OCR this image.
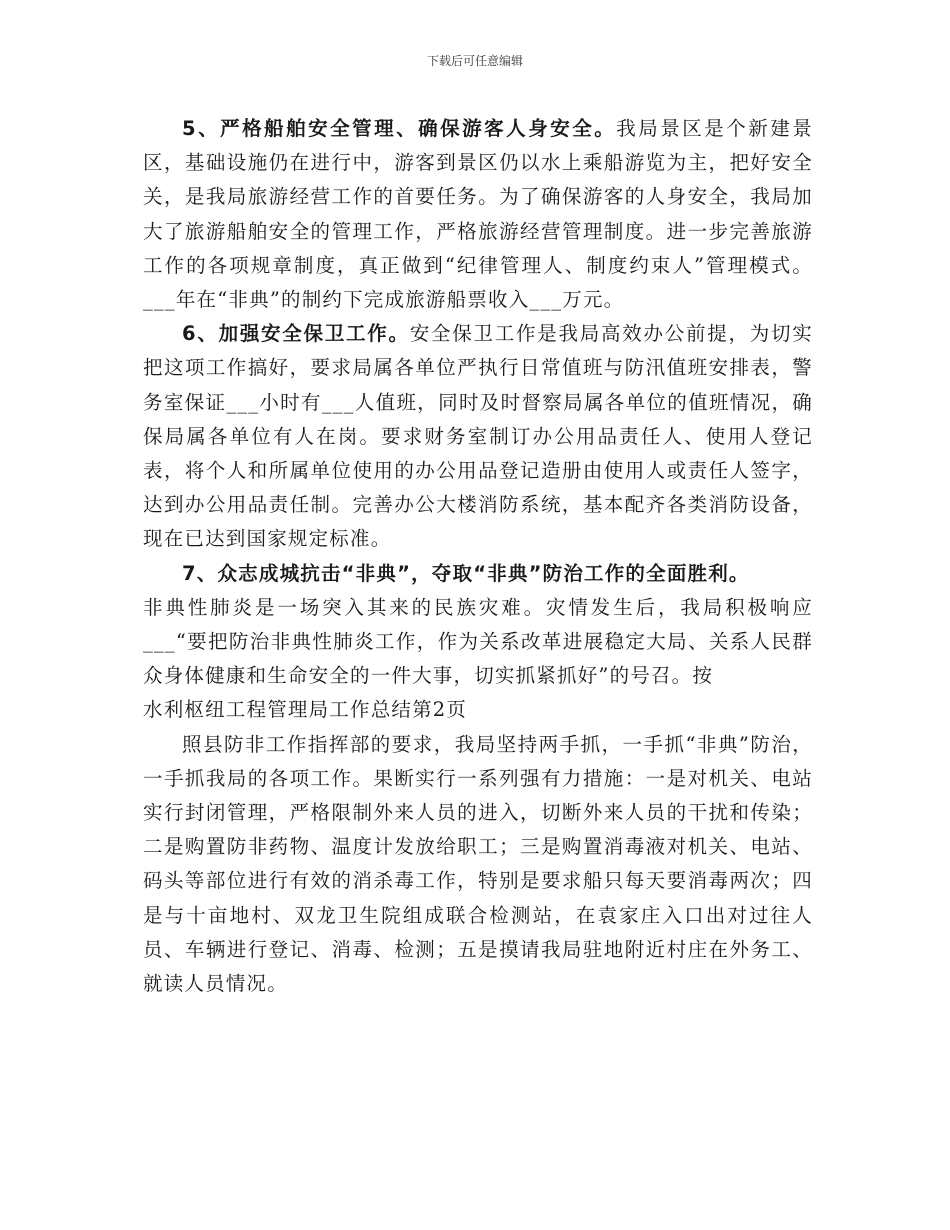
下载后可任意编辑

5、严格船舶安全管理、确保游客人身安全。我局景区是个新建景区，基础设施仍在进行中，游客到景区仍以水上乘船游览为主，把好安全关，是我局旅游经营工作的首要任务。为了确保游客的人身安全，我局加大了旅游船舶安全的管理工作，严格旅游经营管理制度。进一步完善旅游工作的各项规章制度，真正做到“纪律管理人、制度约束人”管理模式。___年在“非典”的制约下完成旅游船票收入___万元。

6、加强安全保卫工作。安全保卫工作是我局高效办公前提，为切实把这项工作搞好，要求局属各单位严执行日常值班与防汛值班安排表，警务室保证___小时有___人值班，同时及时督察局属各单位的值班情况，确保局属各单位有人在岗。要求财务室制订办公用品责任人、使用人登记表，将个人和所属单位使用的办公用品登记造册由使用人或责任人签字，达到办公用品责任制。完善办公大楼消防系统，基本配齐各类消防设备，现在已达到国家规定标准。

7、众志成城抗击“非典”，夺取“非典”防治工作的全面胜利。
非典性肺炎是一场突入其来的民族灾难。灾情发生后，我局积极响应___“要把防治非典性肺炎工作，作为关系改革进展稳定大局、关系人民群众身体健康和生命安全的一件大事，切实抓紧抓好”的号召。按

水利枢纽工程管理局工作总结第2页

照县防非工作指挥部的要求，我局坚持两手抓，一手抓“非典”防治，一手抓我局的各项工作。果断实行一系列强有力措施：一是对机关、电站实行封闭管理，严格限制外来人员的进入，切断外来人员的干扰和传染；二是购置防非药物、温度计发放给职工；三是购置消毒液对机关、电站、码头等部位进行有效的消杀毒工作，特别是要求船只每天要消毒两次；四是与十亩地村、双龙卫生院组成联合检测站，在袁家庄入口出对过往人员、车辆进行登记、消毒、检测；五是摸请我局驻地附近村庄在外务工、就读人员情况。
